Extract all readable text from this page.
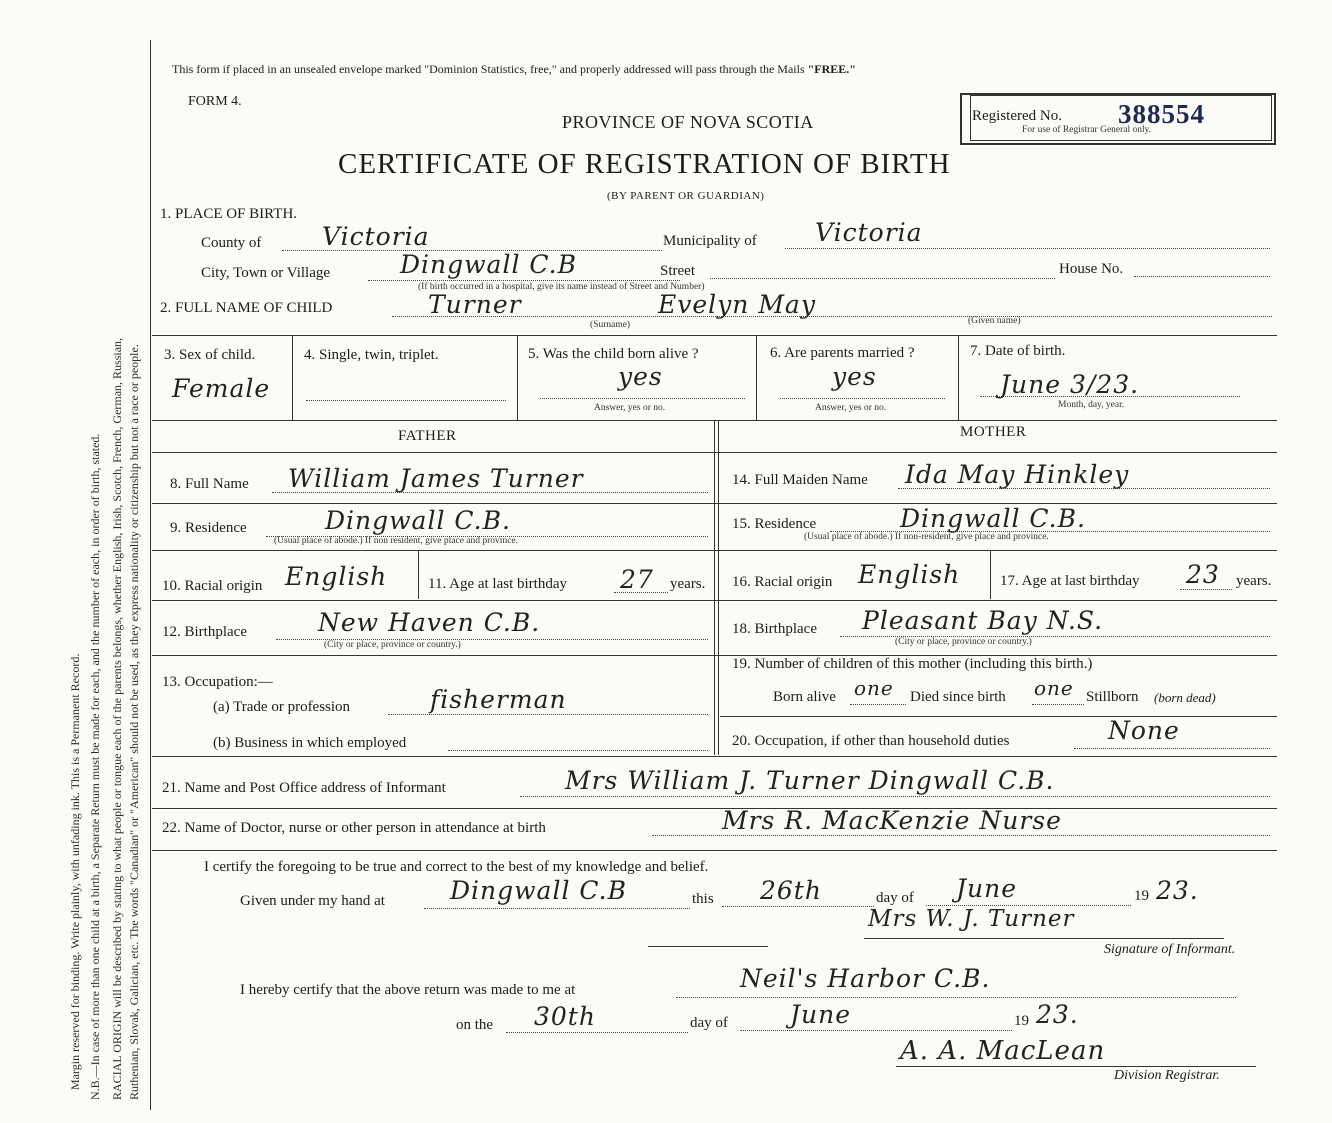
Margin reserved for binding. Write plainly, with unfading ink. This is a Permanent Record. N.B.—In case of more than one child at a birth, a Separate Return must be made for each, and the number of each, in order of birth, stated. RACIAL ORIGIN will be described by stating to what people or tongue each of the parents belongs, whether English, Irish, Scotch, French, German, Russian, Ruthenian, Slovak, Galician, etc. The words "Canadian" or "American" should not be used, as they express nationality or citizenship but not a race or people.
This form if placed in an unsealed envelope marked "Dominion Statistics, free," and properly addressed will pass through the Mails "FREE."
FORM 4.
PROVINCE OF NOVA SCOTIA	Registered No. 388554
For use of Registrar General only.
CERTIFICATE OF REGISTRATION OF BIRTH
(BY PARENT OR GUARDIAN)
1. PLACE OF BIRTH.
County of Victoria	Municipality of Victoria
City, Town or Village	Dingwall C.B	Street
(If birth occurred in a hospital, give its name instead of Street and Number)
House No.
2. FULL NAME OF CHILD	Turner	Evelyn May
(Surname)	(Given name)
3. Sex of child.
Female
4. Single, twin, triplet.	5. Was the child born alive ?
yes
Answer, yes or no.
6. Are parents married ?
yes
Answer, yes or no.
7. Date of birth.
June 3/23.
Month, day, year.
FATHER	MOTHER
8. Full Name William James Turner	14. Full Maiden Name Ida May Hinkley
9. Residence	Dingwall C.B.
(Usual place of abode.) If non resident, give place and province.
15. Residence	Dingwall C.B.
(Usual place of abode.) If non-resident, give place and province.
10. Racial origin English	11. Age at last birthday 27 years. 16. Racial origin English	17. Age at last birthday 23 years.
12. Birthplace	New Haven C.B.
(City or place, province or country.)
18. Birthplace Pleasant Bay N.S.
(City or place, province or country.)
13. Occupation:—
(a) Trade or profession	fisherman
(b) Business in which employed
19. Number of children of this mother (including this birth.)
Born alive one Died since birth one Stillborn (born dead)
20. Occupation, if other than household duties	None
21. Name and Post Office address of Informant	Mrs William J. Turner Dingwall C.B.
22. Name of Doctor, nurse or other person in attendance at birth	Mrs R. MacKenzie Nurse
I certify the foregoing to be true and correct to the best of my knowledge and belief.
Given under my hand at	Dingwall C.B	this 26th	day of June	19 23.
Mrs W. J. Turner
Signature of Informant.
I hereby certify that the above return was made to me at	Neil's Harbor C.B.
on the 30th	day of June	19 23.
A. A. MacLean
Division Registrar.
